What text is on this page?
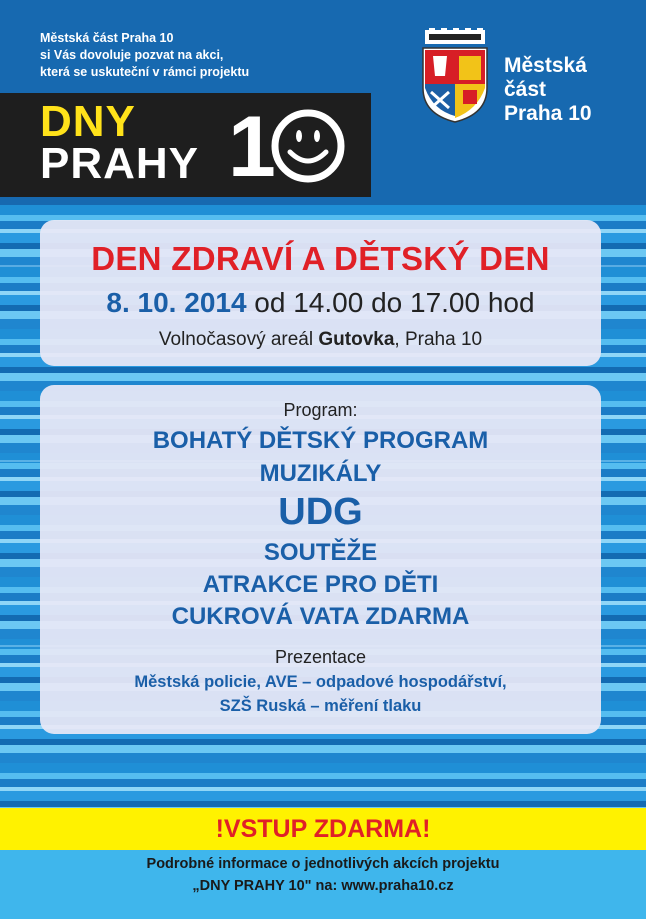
Městská část Praha 10
si Vás dovoluje pozvat na akci,
která se uskuteční v rámci projektu
DNY
PRAHY 1
Městská
část
Praha 10
DEN ZDRAVÍ A DĚTSKÝ DEN
8. 10. 2014 od 14.00 do 17.00 hod
Volnočasový areál Gutovka, Praha 10
Program:
BOHATÝ DĚTSKÝ PROGRAM
MUZIKÁLY
UDG
SOUTĚŽE
ATRAKCE PRO DĚTI
CUKROVÁ VATA ZDARMA
Prezentace
Městská policie, AVE – odpadové hospodářství,
SZŠ Ruská – měření tlaku
!VSTUP ZDARMA!
Podrobné informace o jednotlivých akcích projektu
„DNY PRAHY 10" na: www.praha10.cz
